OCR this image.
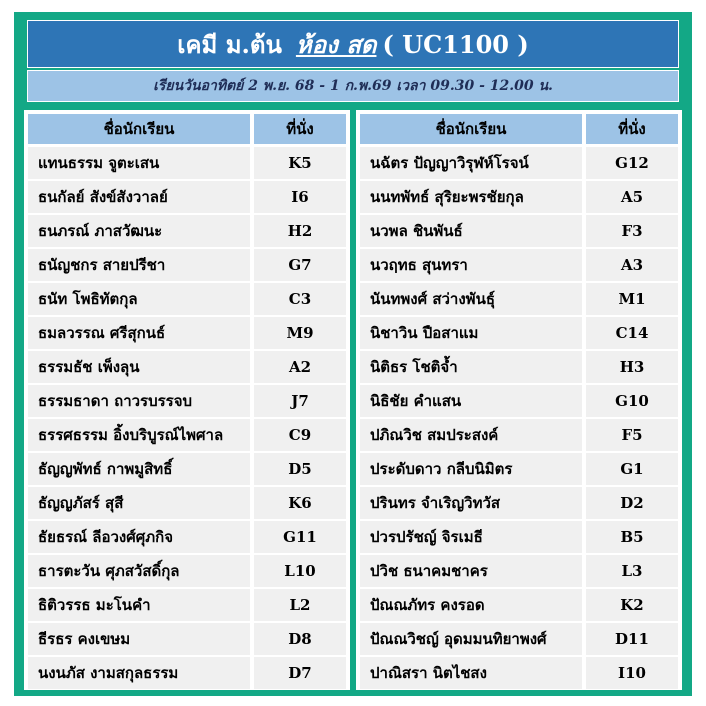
เคมี ม.ต้น ห้อง สด ( UC1100 )
เรียนวันอาทิตย์ 2 พ.ย. 68 - 1 ก.พ.69 เวลา 09.30 - 12.00 น.
ชื่อนักเรียน	ที่นั่ง
แทนธรรม จูตะเสน	K5
ธนกัลย์ สังข์สังวาลย์	I6
ธนภรณ์ ภาสวัฒนะ	H2
ธนัญชกร สายปรีชา	G7
ธนัท โพธิทัตกุล	C3
ธมลวรรณ ศรีสุกนธ์	M9
ธรรมธัช เพ็งลุน	A2
ธรรมธาดา ถาวรบรรจบ	J7
ธรรศธรรม อิ้งบริบูรณ์ไพศาล	C9
ธัญญพัทธ์ กาพมูสิทธิ์	D5
ธัญญภัสร์ สุสี	K6
ธัยธรณ์ ลีอวงศ์ศุภกิจ	G11
ธารตะวัน ศุภสวัสดิ์กุล	L10
ธิติวรรธ มะโนคำ	L2
ธีรธร คงเขษม	D8
นงนภัส งามสกุลธรรม	D7
ชื่อนักเรียน	ที่นั่ง
นฉัตร ปัญญาวิรุฬห์โรจน์	G12
นนทพัทธ์ สุริยะพรชัยกุล	A5
นวพล ชินพันธ์	F3
นวฤทธ สุนทรา	A3
นันทพงศ์ สว่างพันธุ์	M1
นิชาวิน ปือสาแม	C14
นิติธร โชติจ้ำ	H3
นิธิชัย คำแสน	G10
ปภิณวิช สมประสงค์	F5
ประดับดาว กลีบนิมิตร	G1
ปรินทร จำเริญวิทวัส	D2
ปวรปรัชญ์ จิรเมธี	B5
ปวิช ธนาคมชาคร	L3
ปัณณภัทร คงรอด	K2
ปัณณวิชญ์ อุดมมนทิยาพงศ์	D11
ปาณิสรา นิตไชสง	I10
